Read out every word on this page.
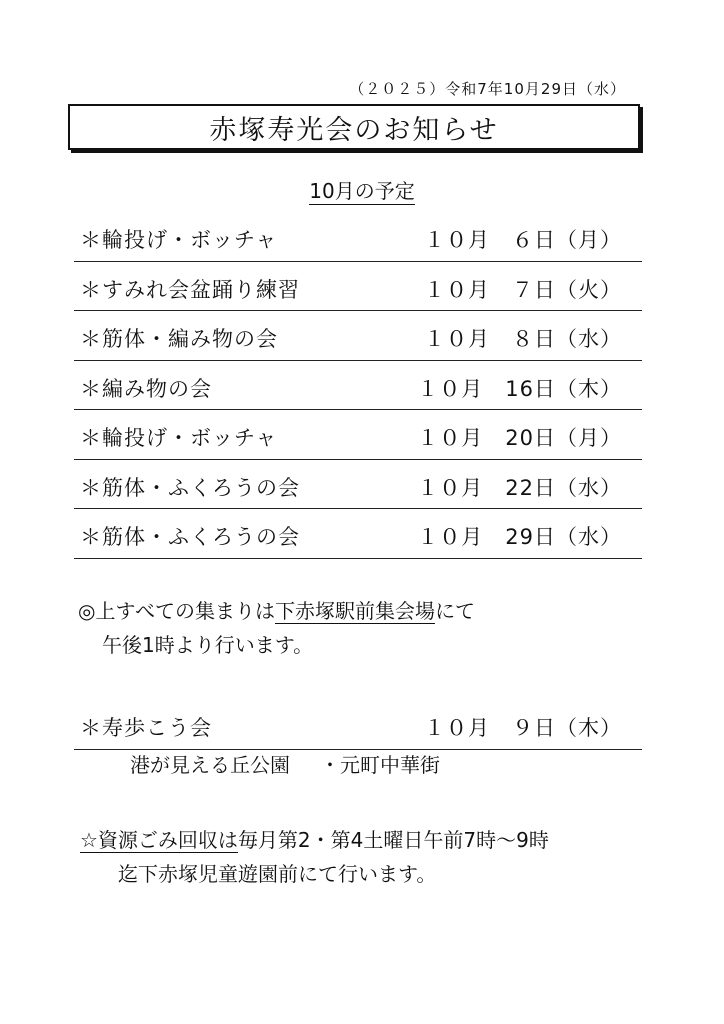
（２０２５）令和7年10月29日（水）
赤塚寿光会のお知らせ
10月の予定
＊輪投げ・ボッチャ	１０月　６日（月）
＊すみれ会盆踊り練習	１０月　７日（火）
＊筋体・編み物の会	１０月　８日（水）
＊編み物の会	１０月　16日（木）
＊輪投げ・ボッチャ	１０月　20日（月）
＊筋体・ふくろうの会	１０月　22日（水）
＊筋体・ふくろうの会	１０月　29日（水）
◎上すべての集まりは下赤塚駅前集会場にて
午後1時より行います。
＊寿歩こう会	１０月　９日（木）
港が見える丘公園 ・元町中華街
☆資源ごみ回収は毎月第2・第4土曜日午前7時～9時
迄下赤塚児童遊園前にて行います。
